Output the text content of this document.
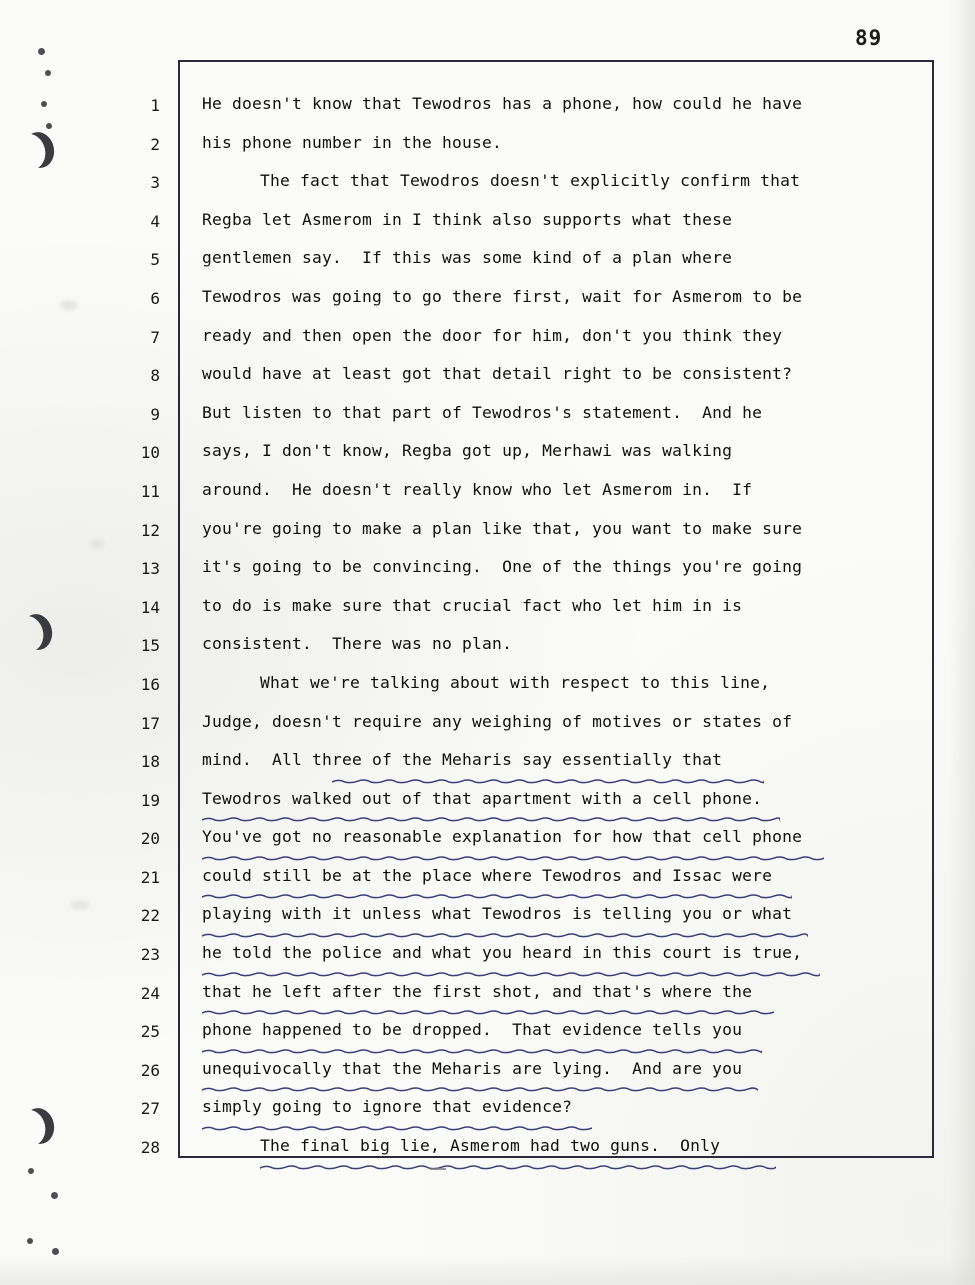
89
1	He doesn't know that Tewodros has a phone, how could he have
2	his phone number in the house.
3	The fact that Tewodros doesn't explicitly confirm that
4	Regba let Asmerom in I think also supports what these
5	gentlemen say.  If this was some kind of a plan where
6	Tewodros was going to go there first, wait for Asmerom to be
7	ready and then open the door for him, don't you think they
8	would have at least got that detail right to be consistent?
9	But listen to that part of Tewodros's statement.  And he
10	says, I don't know, Regba got up, Merhawi was walking
11	around.  He doesn't really know who let Asmerom in.  If
12	you're going to make a plan like that, you want to make sure
13	it's going to be convincing.  One of the things you're going
14	to do is make sure that crucial fact who let him in is
15	consistent.  There was no plan.
16	What we're talking about with respect to this line,
17	Judge, doesn't require any weighing of motives or states of
18	mind.  All three of the Meharis say essentially that
19	Tewodros walked out of that apartment with a cell phone.
20	You've got no reasonable explanation for how that cell phone
21	could still be at the place where Tewodros and Issac were
22	playing with it unless what Tewodros is telling you or what
23	he told the police and what you heard in this court is true,
24	that he left after the first shot, and that's where the
25	phone happened to be dropped.  That evidence tells you
26	unequivocally that the Meharis are lying.  And are you
27	simply going to ignore that evidence?
28	The final big lie, Asmerom had two guns.  Only
